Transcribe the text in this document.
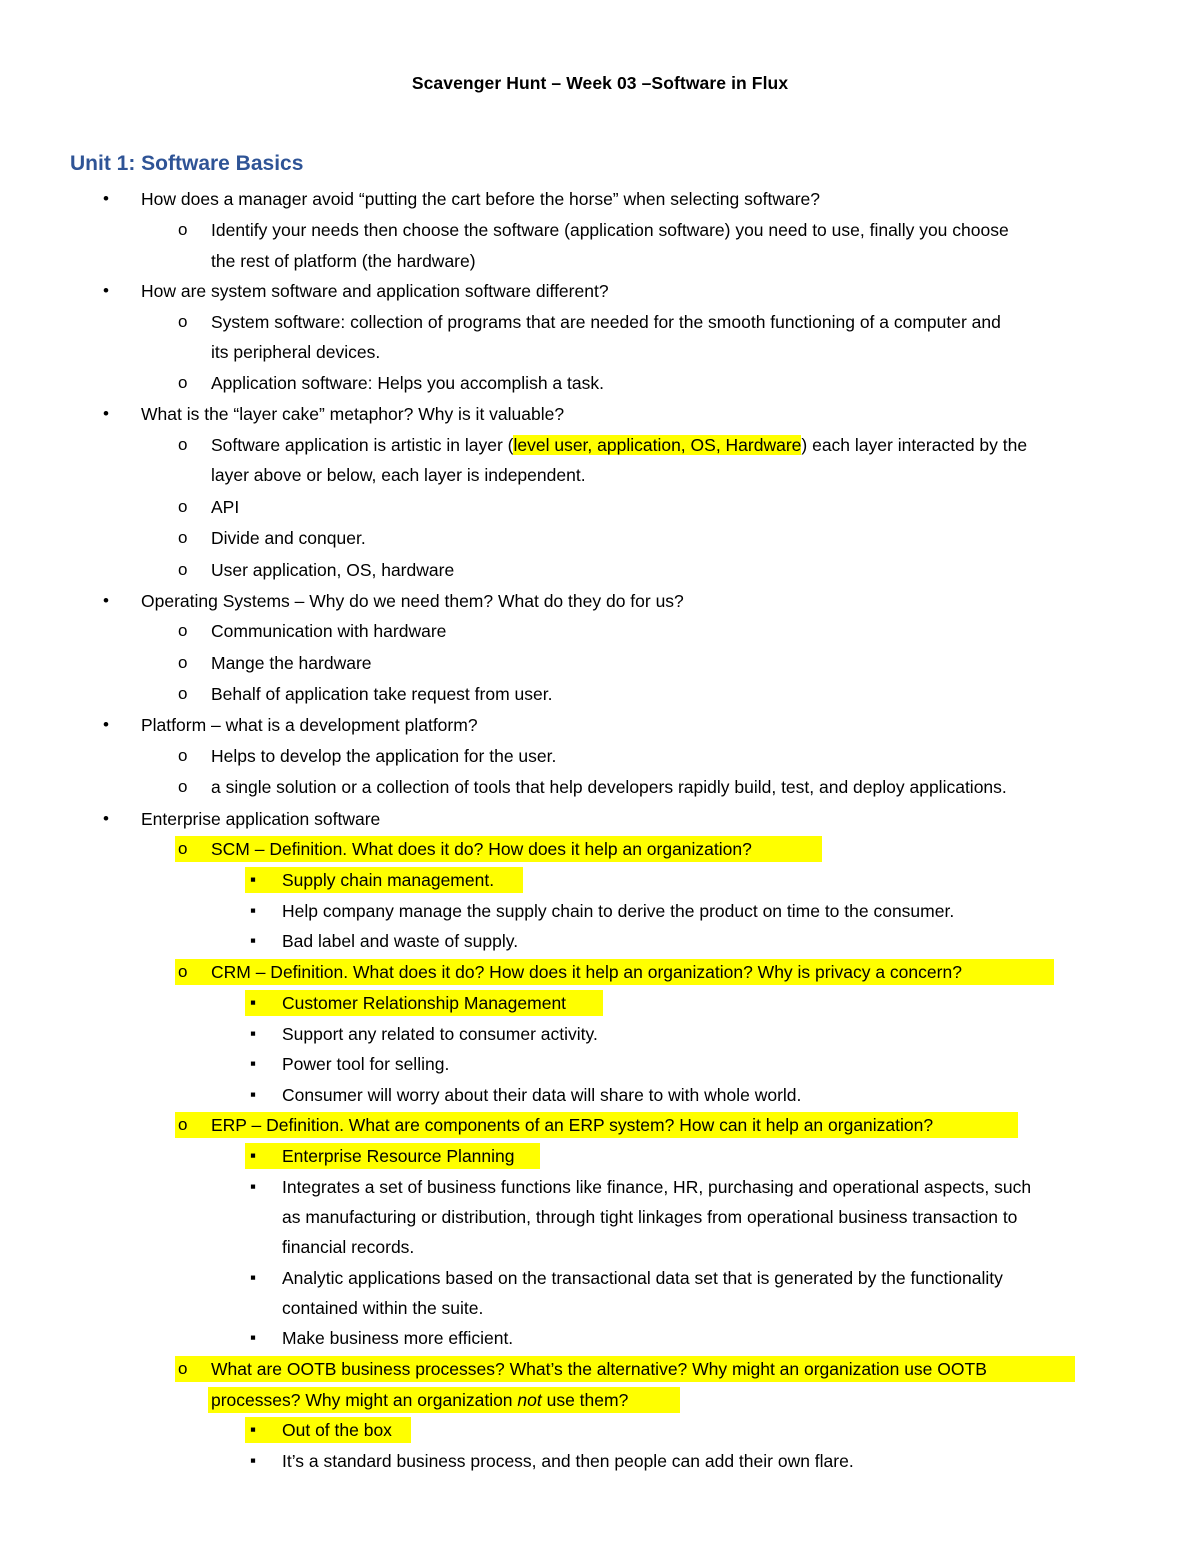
Scavenger Hunt – Week 03 –Software in Flux
Unit 1: Software Basics
• How does a manager avoid “putting the cart before the horse” when selecting software?
o Identify your needs then choose the software (application software) you need to use, finally you choose
the rest of platform (the hardware)
• How are system software and application software different?
o System software: collection of programs that are needed for the smooth functioning of a computer and
its peripheral devices.
o Application software: Helps you accomplish a task.
• What is the “layer cake” metaphor? Why is it valuable?
o Software application is artistic in layer (level user, application, OS, Hardware) each layer interacted by the
layer above or below, each layer is independent.
o API
o Divide and conquer.
o User application, OS, hardware
• Operating Systems – Why do we need them? What do they do for us?
o Communication with hardware
o Mange the hardware
o Behalf of application take request from user.
• Platform – what is a development platform?
o Helps to develop the application for the user.
o a single solution or a collection of tools that help developers rapidly build, test, and deploy applications.
• Enterprise application software
o SCM – Definition. What does it do? How does it help an organization?
▪ Supply chain management.
▪ Help company manage the supply chain to derive the product on time to the consumer.
▪ Bad label and waste of supply.
o CRM – Definition. What does it do? How does it help an organization? Why is privacy a concern?
▪ Customer Relationship Management
▪ Support any related to consumer activity.
▪ Power tool for selling.
▪ Consumer will worry about their data will share to with whole world.
o ERP – Definition. What are components of an ERP system? How can it help an organization?
▪ Enterprise Resource Planning
▪ Integrates a set of business functions like finance, HR, purchasing and operational aspects, such
as manufacturing or distribution, through tight linkages from operational business transaction to
financial records.
▪ Analytic applications based on the transactional data set that is generated by the functionality
contained within the suite.
▪ Make business more efficient.
o What are OOTB business processes? What’s the alternative? Why might an organization use OOTB
processes? Why might an organization not use them?
▪ Out of the box
▪ It’s a standard business process, and then people can add their own flare.
